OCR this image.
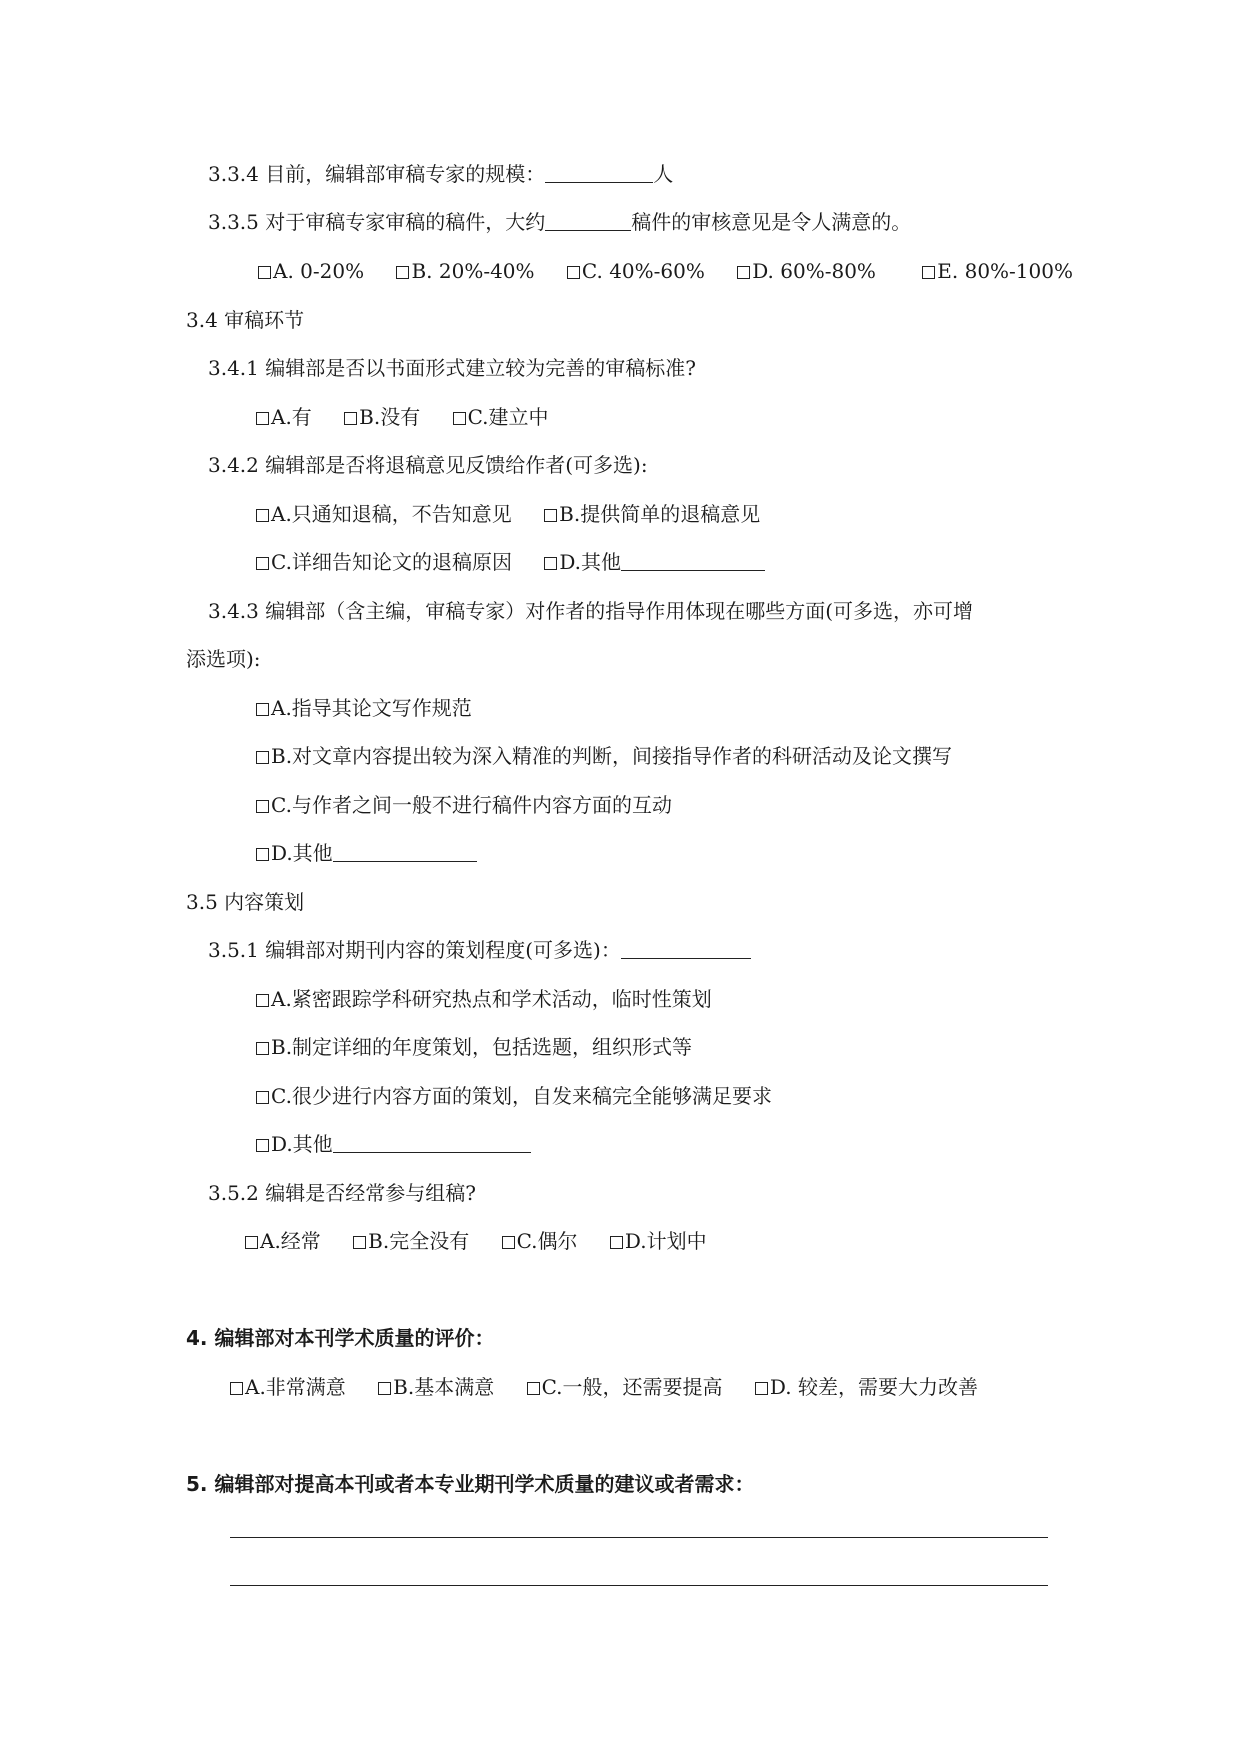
3.3.4 目前，编辑部审稿专家的规模：	人
3.3.5 对于审稿专家审稿的稿件，大约	稿件的审核意见是令人满意的。
A. 0-20% B. 20%-40% C. 40%-60% D. 60%-80%	E. 80%-100%
3.4 审稿环节
3.4.1 编辑部是否以书面形式建立较为完善的审稿标准?
A.有 B.没有 C.建立中
3.4.2 编辑部是否将退稿意见反馈给作者(可多选):
A.只通知退稿，不告知意见 B.提供简单的退稿意见
C.详细告知论文的退稿原因 D.其他
3.4.3 编辑部（含主编，审稿专家）对作者的指导作用体现在哪些方面(可多选，亦可增
添选项):
A.指导其论文写作规范
B.对文章内容提出较为深入精准的判断，间接指导作者的科研活动及论文撰写
C.与作者之间一般不进行稿件内容方面的互动
D.其他
3.5 内容策划
3.5.1 编辑部对期刊内容的策划程度(可多选)：
A.紧密跟踪学科研究热点和学术活动，临时性策划
B.制定详细的年度策划，包括选题，组织形式等
C.很少进行内容方面的策划，自发来稿完全能够满足要求
D.其他
3.5.2 编辑是否经常参与组稿?
A.经常 B.完全没有 C.偶尔 D.计划中
4. 编辑部对本刊学术质量的评价：
A.非常满意 B.基本满意 C.一般，还需要提高 D. 较差，需要大力改善
5. 编辑部对提高本刊或者本专业期刊学术质量的建议或者需求：
